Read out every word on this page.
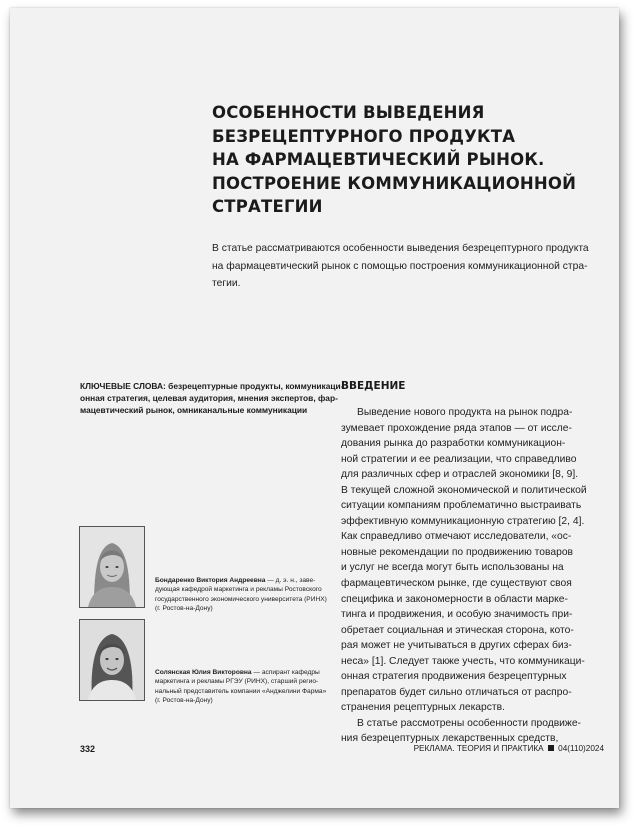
ОСОБЕННОСТИ ВЫВЕДЕНИЯ
БЕЗРЕЦЕПТУРНОГО ПРОДУКТА
НА ФАРМАЦЕВТИЧЕСКИЙ РЫНОК.
ПОСТРОЕНИЕ КОММУНИКАЦИОННОЙ
СТРАТЕГИИ
В статье рассматриваются особенности выведения безрецептурного продукта
на фармацевтический рынок с помощью построения коммуникационной стра-
тегии.
КЛЮЧЕВЫЕ СЛОВА: безрецептурные продукты, коммуникаци-
онная стратегия, целевая аудитория, мнения экспертов, фар-
мацевтический рынок, омниканальные коммуникации
ВВЕДЕНИЕ
Выведение нового продукта на рынок подра-
зумевает прохождение ряда этапов — от иссле-
дования рынка до разработки коммуникацион-
ной стратегии и ее реализации, что справедливо
для различных сфер и отраслей экономики [8, 9].
В текущей сложной экономической и политической
ситуации компаниям проблематично выстраивать
эффективную коммуникационную стратегию [2, 4].
Как справедливо отмечают исследователи, «ос-
новные рекомендации по продвижению товаров
и услуг не всегда могут быть использованы на
фармацевтическом рынке, где существуют своя
специфика и закономерности в области марке-
тинга и продвижения, и особую значимость при-
обретает социальная и этическая сторона, кото-
рая может не учитываться в других сферах биз-
неса» [1]. Следует также учесть, что коммуникаци-
онная стратегия продвижения безрецептурных
препаратов будет сильно отличаться от распро-
странения рецептурных лекарств.
В статье рассмотрены особенности продвиже-
ния безрецептурных лекарственных средств,
Бондаренко Виктория Андреевна — д. э. н., заве-
дующая кафедрой маркетинга и рекламы Ростовского
государственного экономического университета (РИНХ)
(г. Ростов-на-Дону)
Солянская Юлия Викторовна — аспирант кафедры
маркетинга и рекламы РГЭУ (РИНХ), старший регио-
нальный представитель компании «Анджелини Фарма»
(г. Ростов-на-Дону)
332	РЕКЛАМА. ТЕОРИЯ И ПРАКТИКА 04(110)2024
